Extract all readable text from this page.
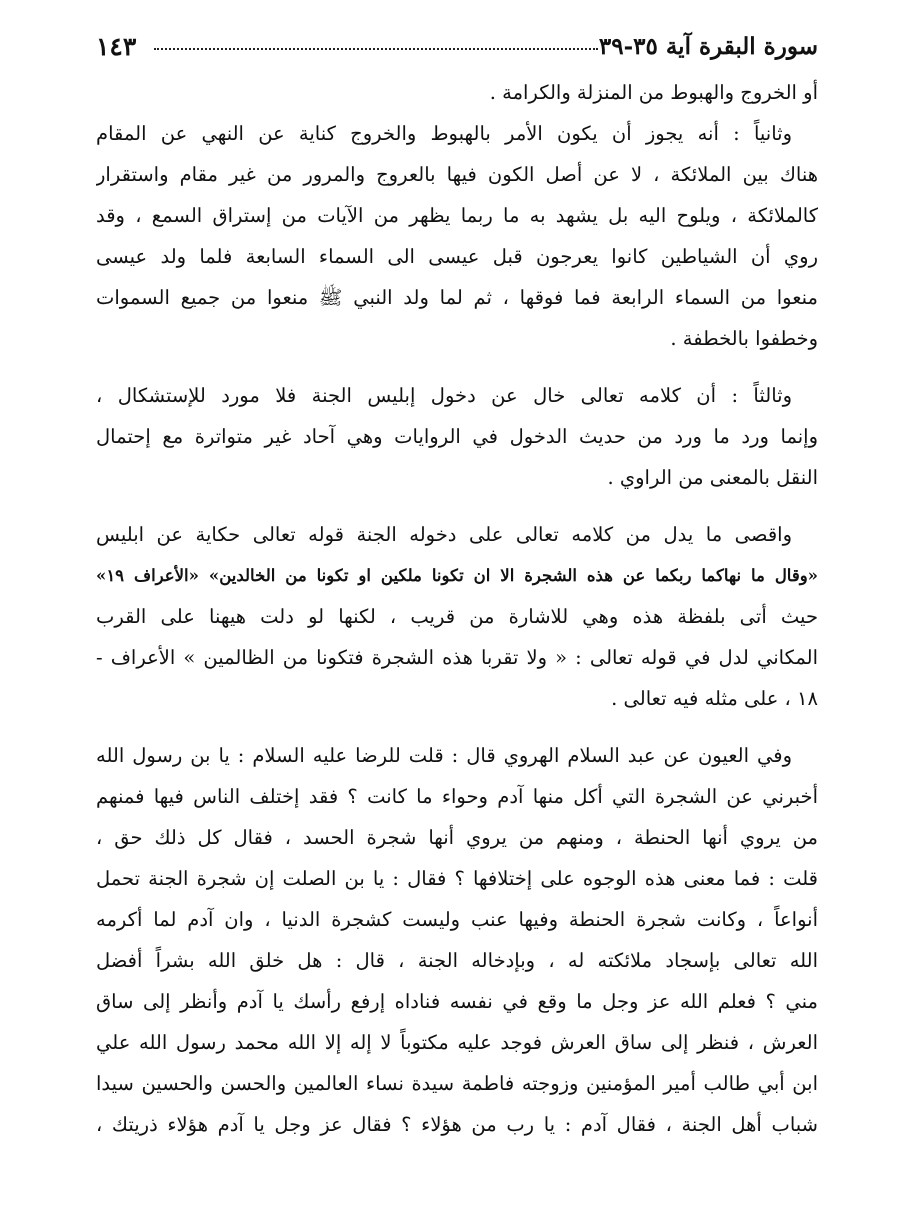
١٤٣	سورة البقرة آية ٣٥-٣٩
أو الخروج والهبوط من المنزلة والكرامة .
وثانياً : أنه يجوز أن يكون الأمر بالهبوط والخروج كناية عن النهي عن المقام
هناك بين الملائكة ، لا عن أصل الكون فيها بالعروج والمرور من غير مقام واستقرار
كالملائكة ، ويلوح اليه بل يشهد به ما ربما يظهر من الآيات من إستراق السمع ، وقد
روي أن الشياطين كانوا يعرجون قبل عيسى الى السماء السابعة فلما ولد عيسى
منعوا من السماء الرابعة فما فوقها ، ثم لما ولد النبي ﷺ منعوا من جميع السموات
وخطفوا بالخطفة .
وثالثاً : أن كلامه تعالى خال عن دخول إبليس الجنة فلا مورد للإستشكال ،
وإنما ورد ما ورد من حديث الدخول في الروايات وهي آحاد غير متواترة مع إحتمال
النقل بالمعنى من الراوي .
واقصى ما يدل من كلامه تعالى على دخوله الجنة قوله تعالى حكاية عن ابليس
«وقال ما نهاكما ربكما عن هذه الشجرة الا ان تكونا ملكين او تكونا من الخالدين» «الأعراف ١٩»
حيث أتى بلفظة هذه وهي للاشارة من قريب ، لكنها لو دلت هيهنا على القرب
المكاني لدل في قوله تعالى : « ولا تقربا هذه الشجرة فتكونا من الظالمين » الأعراف -
١٨ ، على مثله فيه تعالى .
وفي العيون عن عبد السلام الهروي قال : قلت للرضا عليه السلام : يا بن رسول الله
أخبرني عن الشجرة التي أكل منها آدم وحواء ما كانت ؟ فقد إختلف الناس فيها فمنهم
من يروي أنها الحنطة ، ومنهم من يروي أنها شجرة الحسد ، فقال كل ذلك حق ،
قلت : فما معنى هذه الوجوه على إختلافها ؟ فقال : يا بن الصلت إن شجرة الجنة تحمل
أنواعاً ، وكانت شجرة الحنطة وفيها عنب وليست كشجرة الدنيا ، وان آدم لما أكرمه
الله تعالى بإسجاد ملائكته له ، وبإدخاله الجنة ، قال : هل خلق الله بشراً أفضل
مني ؟ فعلم الله عز وجل ما وقع في نفسه فناداه إرفع رأسك يا آدم وأنظر إلى ساق
العرش ، فنظر إلى ساق العرش فوجد عليه مكتوباً لا إله إلا الله محمد رسول الله علي
ابن أبي طالب أمير المؤمنين وزوجته فاطمة سيدة نساء العالمين والحسن والحسين سيدا
شباب أهل الجنة ، فقال آدم : يا رب من هؤلاء ؟ فقال عز وجل يا آدم هؤلاء ذريتك ،
